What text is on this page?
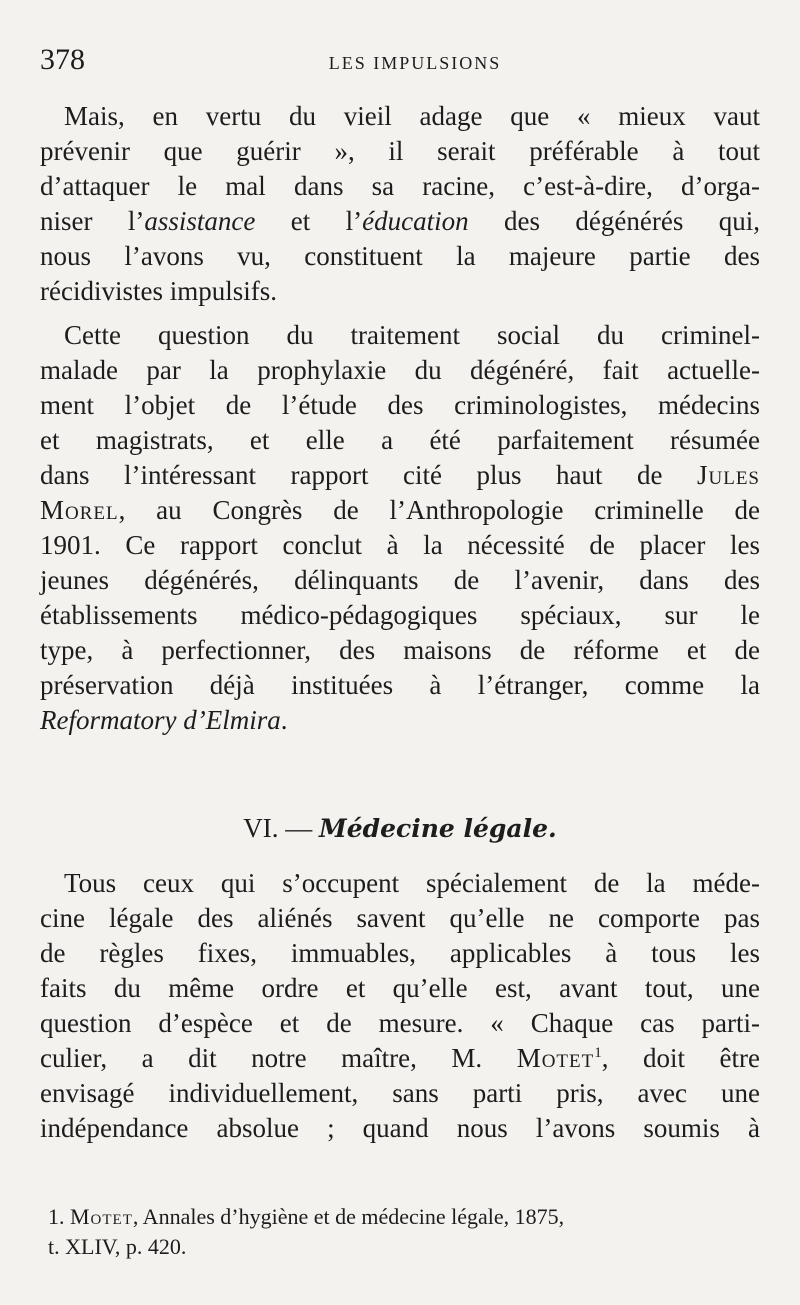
378	LES IMPULSIONS
Mais, en vertu du vieil adage que « mieux vaut
prévenir que guérir », il serait préférable à tout
d’attaquer le mal dans sa racine, c’est-à-dire, d’orga-
niser l’assistance et l’éducation des dégénérés qui,
nous l’avons vu, constituent la majeure partie des
récidivistes impulsifs.
Cette question du traitement social du criminel-
malade par la prophylaxie du dégénéré, fait actuelle-
ment l’objet de l’étude des criminologistes, médecins
et magistrats, et elle a été parfaitement résumée
dans l’intéressant rapport cité plus haut de Jules
Morel, au Congrès de l’Anthropologie criminelle de
1901. Ce rapport conclut à la nécessité de placer les
jeunes dégénérés, délinquants de l’avenir, dans des
établissements médico-pédagogiques spéciaux, sur le
type, à perfectionner, des maisons de réforme et de
préservation déjà instituées à l’étranger, comme la
Reformatory d’Elmira.
VI. — Médecine légale.
Tous ceux qui s’occupent spécialement de la méde-
cine légale des aliénés savent qu’elle ne comporte pas
de règles fixes, immuables, applicables à tous les
faits du même ordre et qu’elle est, avant tout, une
question d’espèce et de mesure. « Chaque cas parti-
culier, a dit notre maître, M. Motet$^1$, doit être
envisagé individuellement, sans parti pris, avec une
indépendance absolue ; quand nous l’avons soumis à
1. Motet, Annales d’hygiène et de médecine légale, 1875,
t. XLIV, p. 420.
